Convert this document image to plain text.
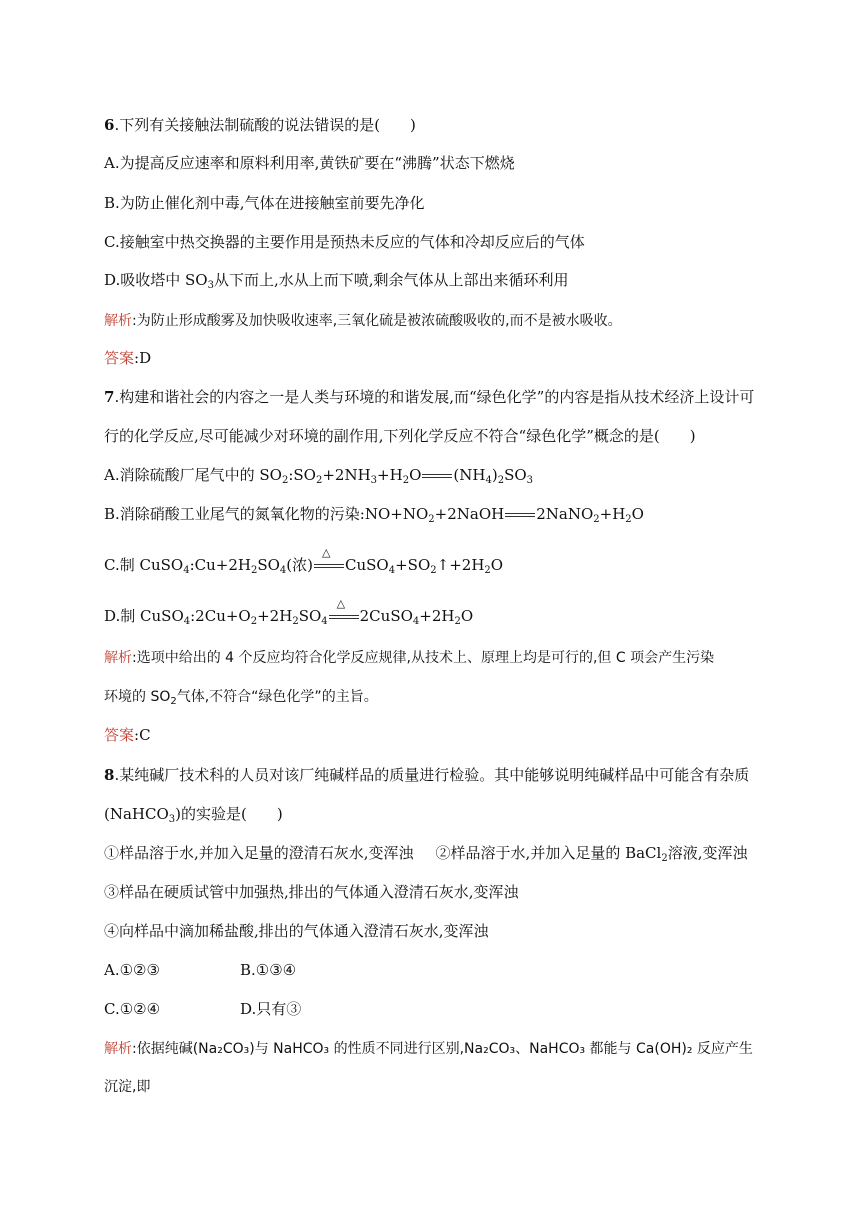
6.下列有关接触法制硫酸的说法错误的是(　　)
A.为提高反应速率和原料利用率,黄铁矿要在“沸腾”状态下燃烧
B.为防止催化剂中毒,气体在进接触室前要先净化
C.接触室中热交换器的主要作用是预热未反应的气体和冷却反应后的气体
D.吸收塔中 $SO_3$从下而上,水从上而下喷,剩余气体从上部出来循环利用
解析:为防止形成酸雾及加快吸收速率,三氧化硫是被浓硫酸吸收的,而不是被水吸收。
答案:D
7.构建和谐社会的内容之一是人类与环境的和谐发展,而“绿色化学”的内容是指从技术经济上设计可
行的化学反应,尽可能减少对环境的副作用,下列化学反应不符合“绿色化学”概念的是(　　)
A.消除硫酸厂尾气中的 $SO_2:SO_2+2NH_3+H_2O$ $(NH_4)_2SO_3$
B.消除硝酸工业尾气的氮氧化物的污染$:NO+NO_2+2NaOH$ $2NaNO_2+H_2O$
C.制 $CuSO_4:Cu+2H_2SO_4$(浓)
△
$CuSO_4+SO_2↑+2H_2O$
D.制 $CuSO_4:2Cu+O_2+2H_2SO_4$
△
$2CuSO_4+2H_2O$
解析:选项中给出的 4 个反应均符合化学反应规律,从技术上、原理上均是可行的,但 C 项会产生污染
环境的 $SO_2$气体,不符合“绿色化学”的主旨。
答案:C
8.某纯碱厂技术科的人员对该厂纯碱样品的质量进行检验。其中能够说明纯碱样品中可能含有杂质
(NaHCO$_3$)的实验是(　　)
①样品溶于水,并加入足量的澄清石灰水,变浑浊 ②样品溶于水,并加入足量的 BaCl$_2$溶液,变浑浊
③样品在硬质试管中加强热,排出的气体通入澄清石灰水,变浑浊
④向样品中滴加稀盐酸,排出的气体通入澄清石灰水,变浑浊
A.①②③	B.①③④
C.①②④	D.只有③
解析:依据纯碱(Na₂CO₃)与 NaHCO₃ 的性质不同进行区别,Na₂CO₃、NaHCO₃ 都能与 Ca(OH)₂ 反应产生
沉淀,即
